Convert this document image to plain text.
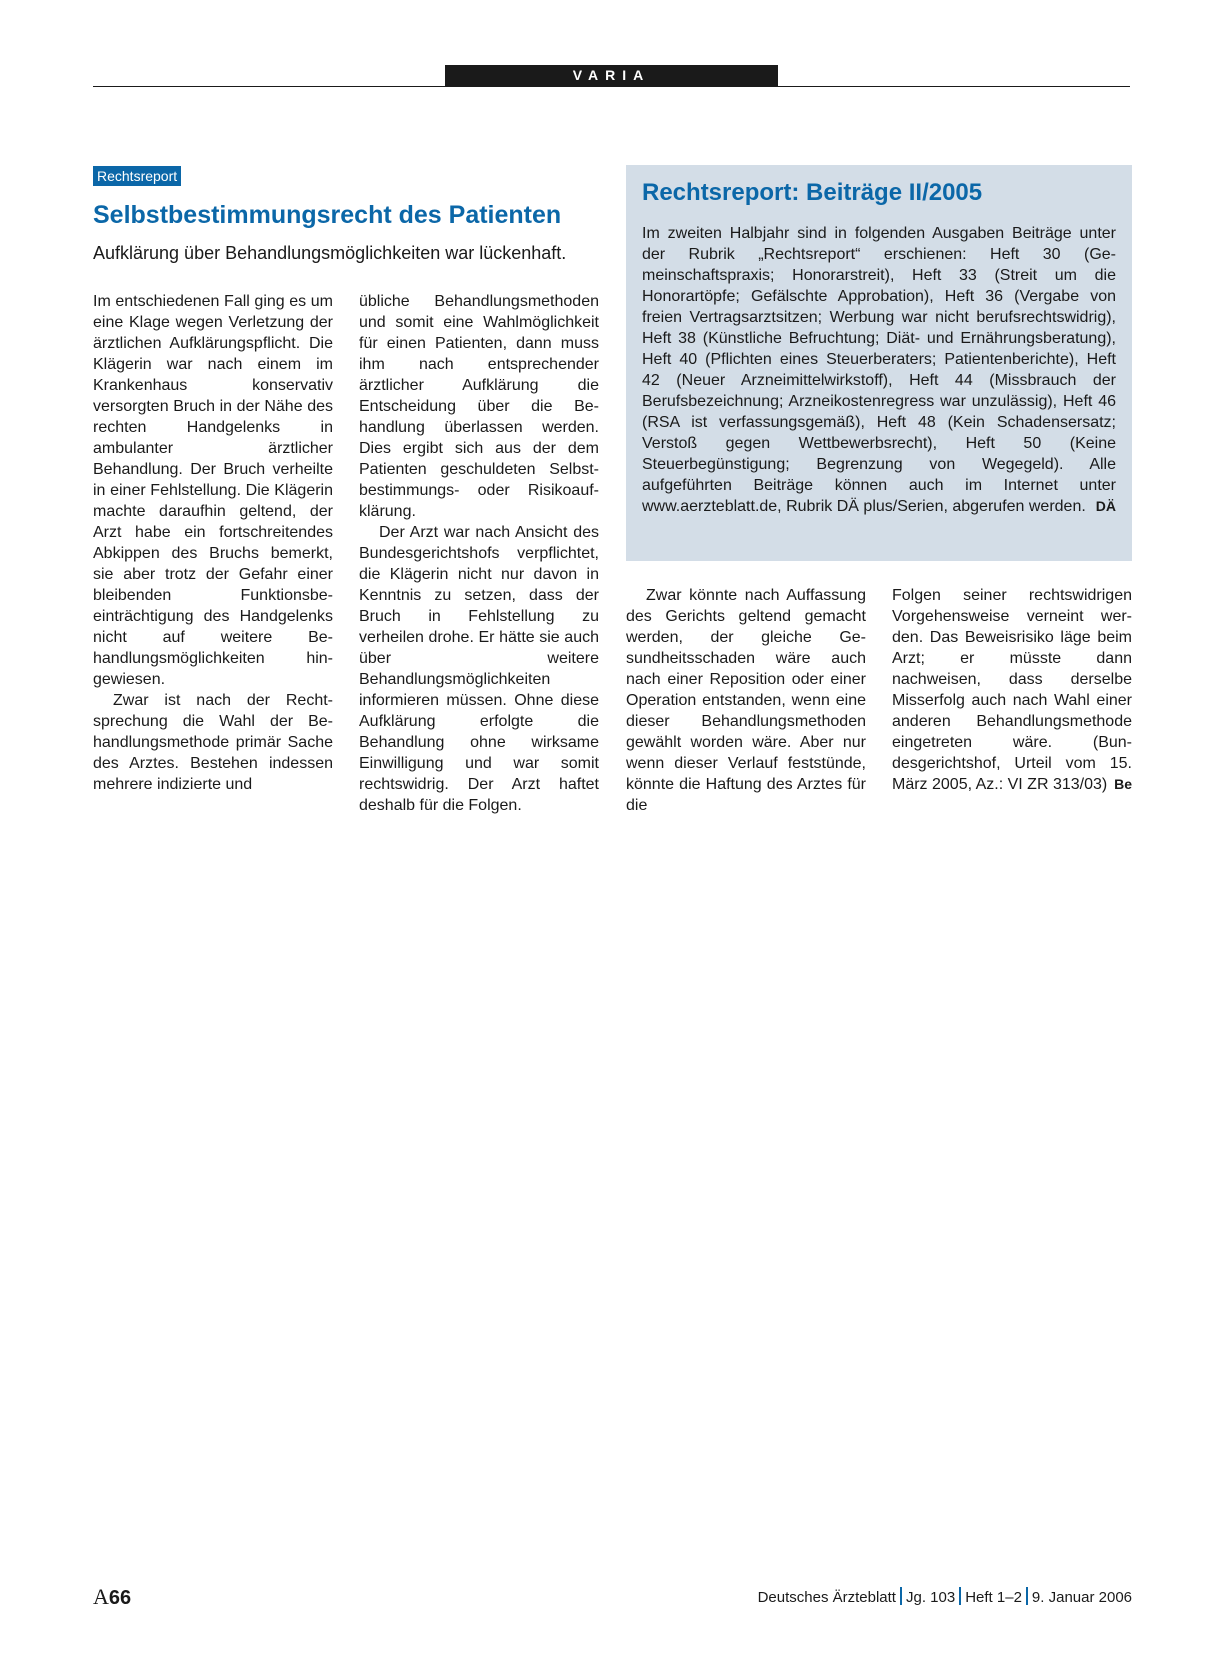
VARIA
Rechtsreport
Selbstbestimmungsrecht des Patienten

Aufklärung über Behandlungsmöglichkeiten war lückenhaft.

Im entschiedenen Fall ging es um eine Klage wegen Verletzung der ärztlichen Aufklärungspflicht. Die Klägerin war nach einem im Krankenhaus konservativ versorgten Bruch in der Nähe des rechten Handgelenks in ambulanter ärztlicher Behandlung. Der Bruch verheilte in einer Fehlstellung. Die Klägerin machte daraufhin geltend, der Arzt habe ein fortschreitendes Abkippen des Bruchs bemerkt, sie aber trotz der Gefahr einer bleibenden Funktionsbeeinträchtigung des Handgelenks nicht auf weitere Behandlungsmöglichkeiten hingewiesen.

Zwar ist nach der Rechtsprechung die Wahl der Behandlungsmethode primär Sache des Arztes. Bestehen indessen mehrere indizierte und

übliche Behandlungsmethoden und somit eine Wahlmöglichkeit für einen Patienten, dann muss ihm nach entsprechender ärztlicher Aufklärung die Entscheidung über die Behandlung überlassen werden. Dies ergibt sich aus der dem Patienten geschuldeten Selbstbestimmungs- oder Risikoaufklärung.

Der Arzt war nach Ansicht des Bundesgerichtshofs verpflichtet, die Klägerin nicht nur davon in Kenntnis zu setzen, dass der Bruch in Fehlstellung zu verheilen drohe. Er hätte sie auch über weitere Behandlungsmöglichkeiten informieren müssen. Ohne diese Aufklärung erfolgte die Behandlung ohne wirksame Einwilligung und war somit rechtswidrig. Der Arzt haftet deshalb für die Folgen.

Rechtsreport: Beiträge II/2005
Im zweiten Halbjahr sind in folgenden Ausgaben Beiträge unter der Rubrik „Rechtsreport“ erschienen: Heft 30 (Gemeinschaftspraxis; Honorarstreit), Heft 33 (Streit um die Honorartöpfe; Gefälschte Approbation), Heft 36 (Vergabe von freien Vertragsarztsitzen; Werbung war nicht berufsrechtswidrig), Heft 38 (Künstliche Befruchtung; Diät- und Ernährungsberatung), Heft 40 (Pflichten eines Steuerberaters; Patientenberichte), Heft 42 (Neuer Arzneimittelwirkstoff), Heft 44 (Missbrauch der Berufsbezeichnung; Arzneikostenregress war unzulässig), Heft 46 (RSA ist verfassungsgemäß), Heft 48 (Kein Schadensersatz; Verstoß gegen Wettbewerbsrecht), Heft 50 (Keine Steuerbegünstigung; Begrenzung von Wegegeld). Alle aufgeführten Beiträge können auch im Internet unter www.aerzteblatt.de, Rubrik DÄ plus/Serien, abgerufen werden. DÄ

Zwar könnte nach Auffassung des Gerichts geltend gemacht werden, der gleiche Gesundheitsschaden wäre auch nach einer Reposition oder einer Operation entstanden, wenn eine dieser Behandlungsmethoden gewählt worden wäre. Aber nur wenn dieser Verlauf feststünde, könnte die Haftung des Arztes für die

Folgen seiner rechtswidrigen Vorgehensweise verneint werden. Das Beweisrisiko läge beim Arzt; er müsste dann nachweisen, dass derselbe Misserfolg auch nach Wahl einer anderen Behandlungsmethode eingetreten wäre. (Bundesgerichtshof, Urteil vom 15. März 2005, Az.: VI ZR 313/03) Be

A66	Deutsches Ärzteblatt Jg. 103 Heft 1–2 9. Januar 2006
